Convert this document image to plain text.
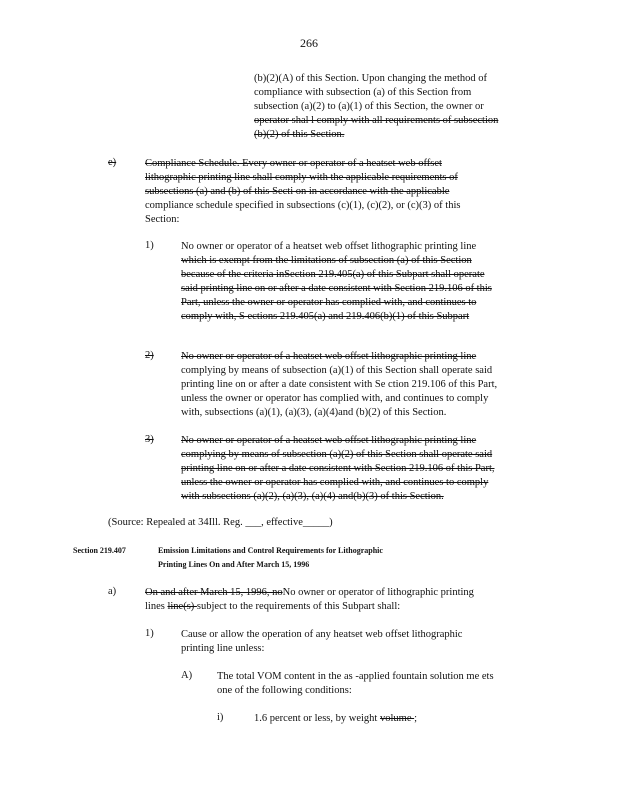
266
(b)(2)(A) of this Section. Upon changing the method of
compliance with subsection (a) of this Section from
subsection (a)(2) to (a)(1) of this Section, the owner or
operator shal l comply with all requirements of subsection
(b)(2) of this Section.
e)	Compliance Schedule. Every owner or operator of a heatset web offset
lithographic printing line shall comply with the applicable requirements of
subsections (a) and (b) of this Secti on in accordance with the applicable
compliance schedule specified in subsections (c)(1), (c)(2), or (c)(3) of this
Section:
1)	No owner or operator of a heatset web offset lithographic printing line
which is exempt from the limitations of subsection (a) of this Section
because of the criteria inSection 219.405(a) of this Subpart shall operate
said printing line on or after a date consistent with Section 219.106 of this
Part, unless the owner or operator has complied with, and continues to
comply with, S ections 219.405(a) and 219.406(b)(1) of this Subpart
2)	No owner or operator of a heatset web offset lithographic printing line
complying by means of subsection (a)(1) of this Section shall operate said
printing line on or after a date consistent with Se ction 219.106 of this Part,
unless the owner or operator has complied with, and continues to comply
with, subsections (a)(1), (a)(3), (a)(4)and (b)(2) of this Section.
3)	No owner or operator of a heatset web offset lithographic printing line
complying by means of subsection (a)(2) of this Section shall operate said
printing line on or after a date consistent with Section 219.106 of this Part,
unless the owner or operator has complied with, and continues to comply
with subsections (a)(2), (a)(3), (a)(4) and(b)(3) of this Section.
(Source: Repealed at 34Ill. Reg. ___, effective_____)
Section 219.407	Emission Limitations and Control Requirements for Lithographic
Printing Lines On and After March 15, 1996
a)	On and after March 15, 1996, noNo owner or operator of lithographic printing
lines line(s) subject to the requirements of this Subpart shall:
1)	Cause or allow the operation of any heatset web offset lithographic
printing line unless:
A) The total VOM content in the as -applied fountain solution me ets
one of the following conditions:
i)	1.6 percent or less, by weight volume ;
